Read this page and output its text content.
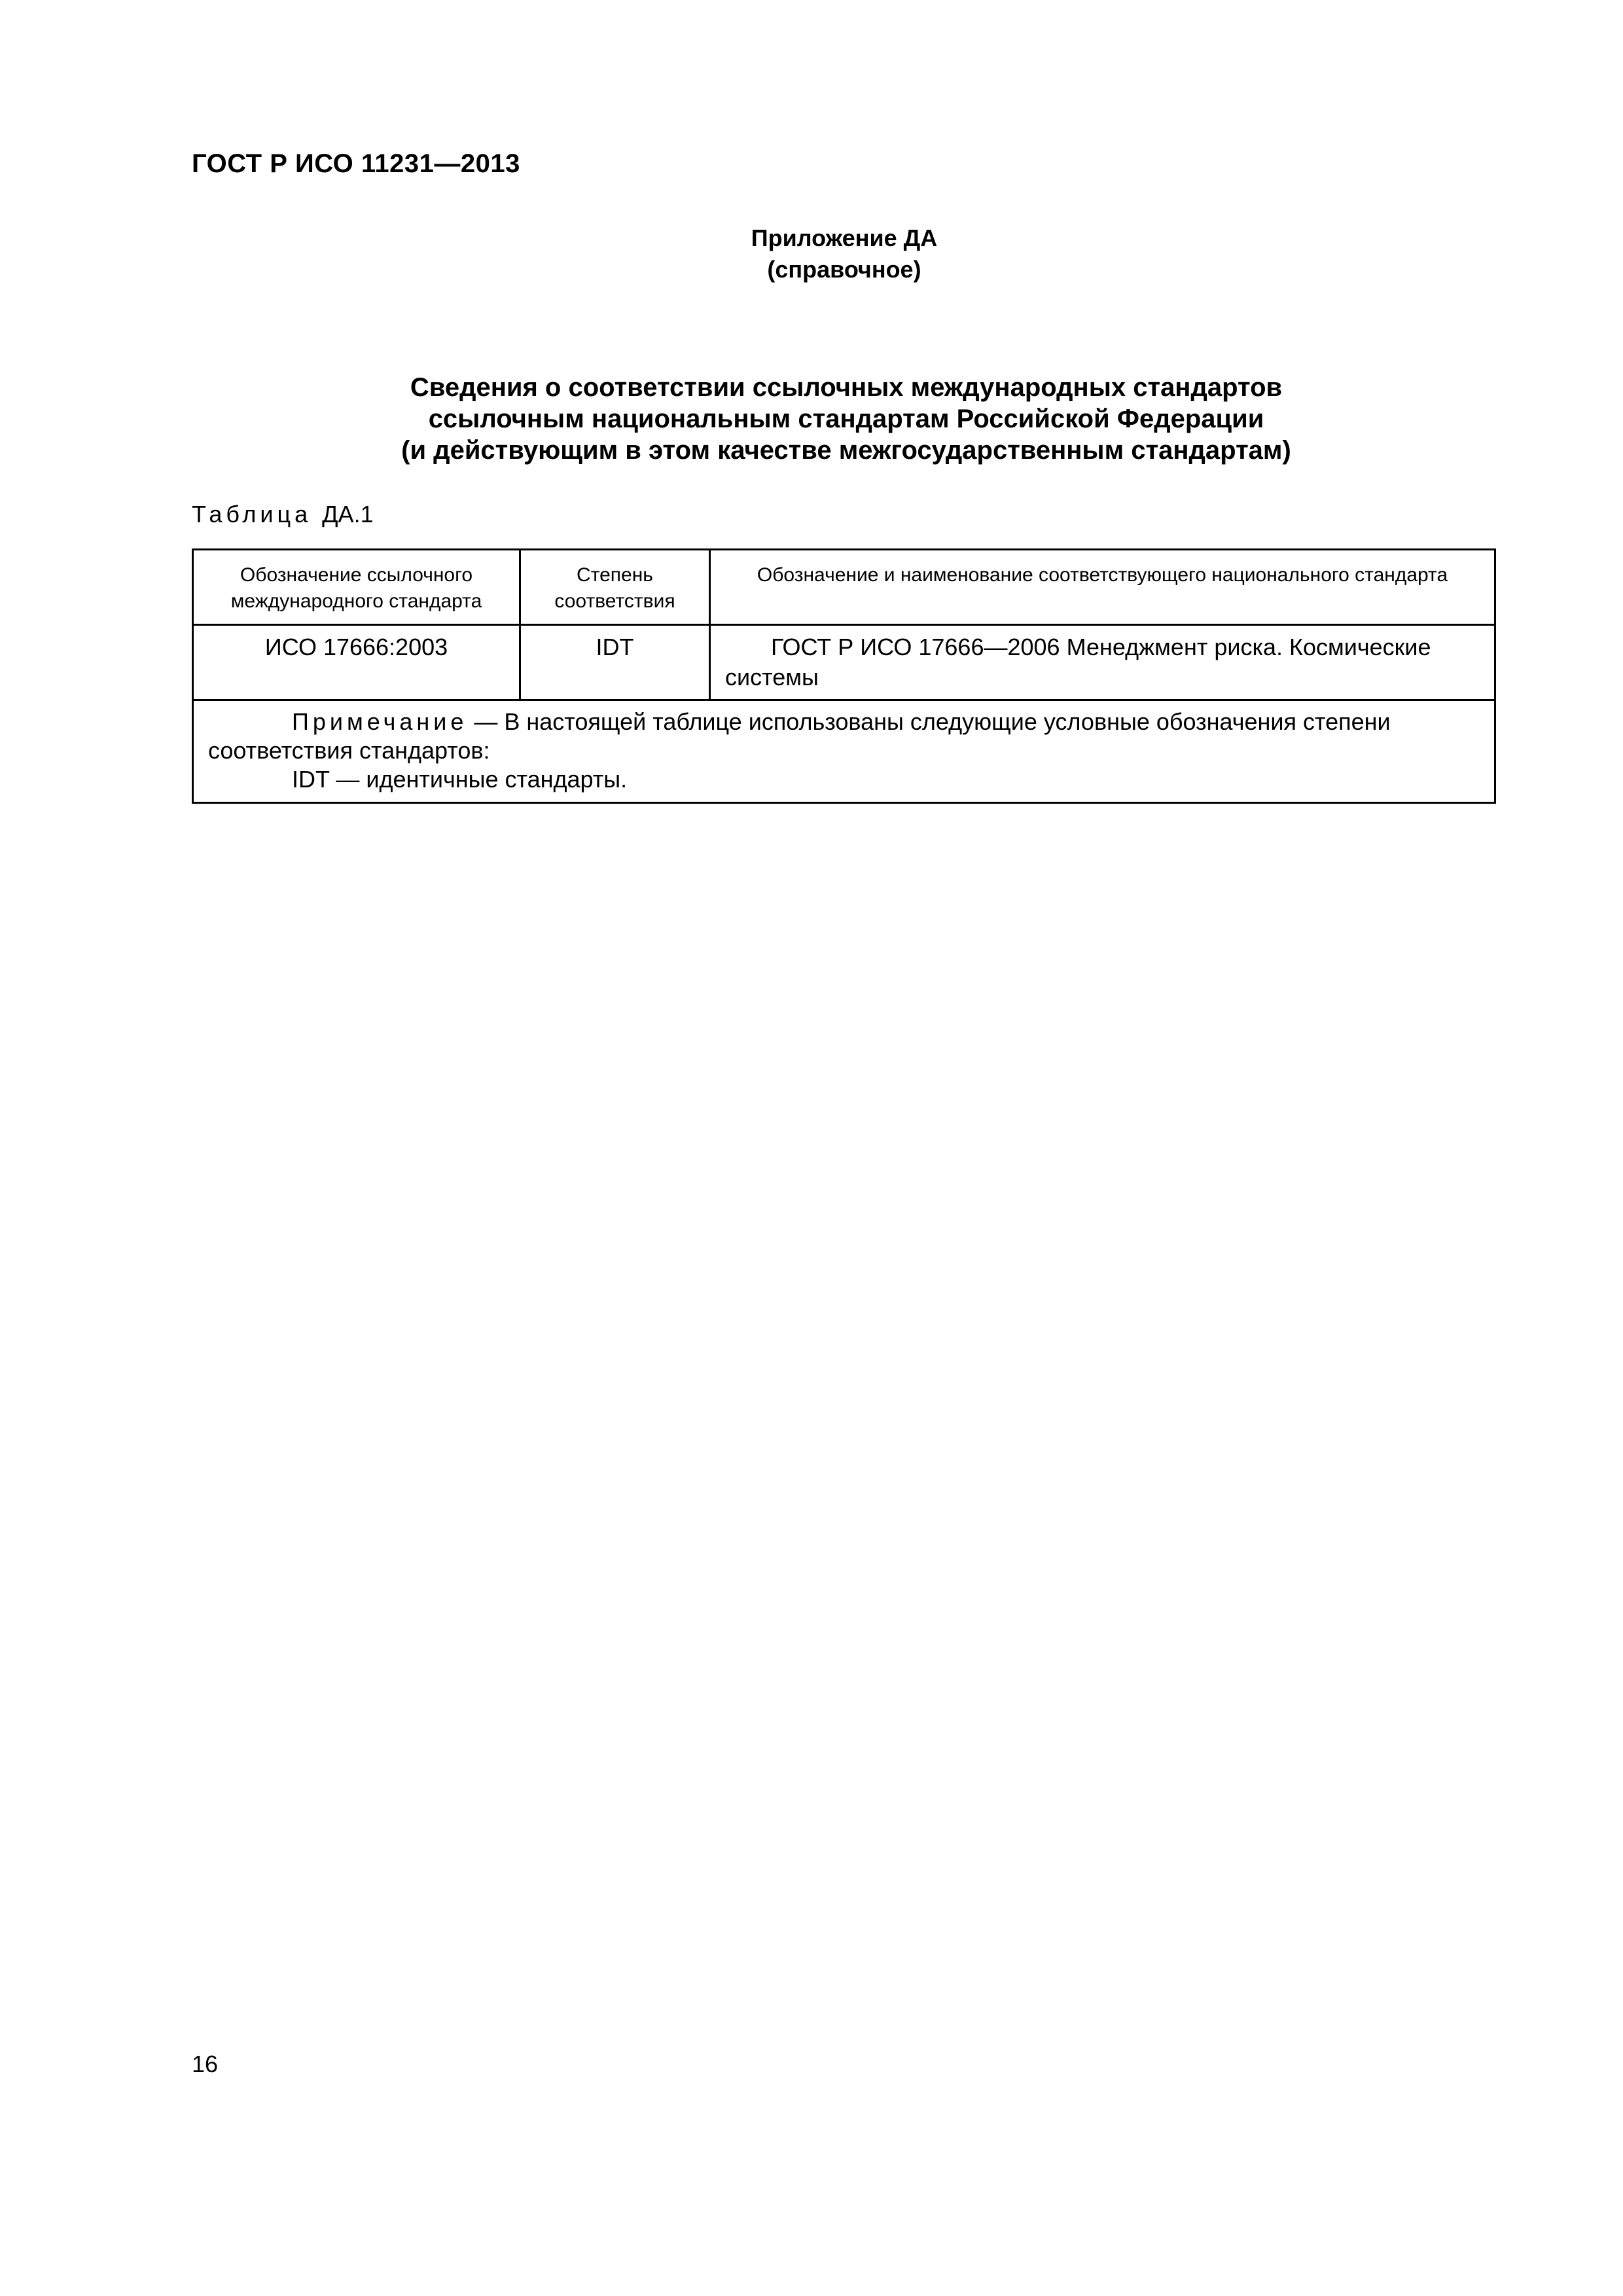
ГОСТ Р ИСО 11231—2013
Приложение ДА
(справочное)
Сведения о соответствии ссылочных международных стандартов
ссылочным национальным стандартам Российской Федерации
(и действующим в этом качестве межгосударственным стандартам)
Таблица ДА.1
Обозначение ссылочного международного стандарта	Степень соответствия	Обозначение и наименование соответствующего национального стандарта
ИСО 17666:2003	IDT	ГОСТ Р ИСО 17666—2006 Менеджмент риска. Космические системы

Примечание — В настоящей таблице использованы следующие условные обозначения степени соответствия стандартов:
IDT — идентичные стандарты.		
16
